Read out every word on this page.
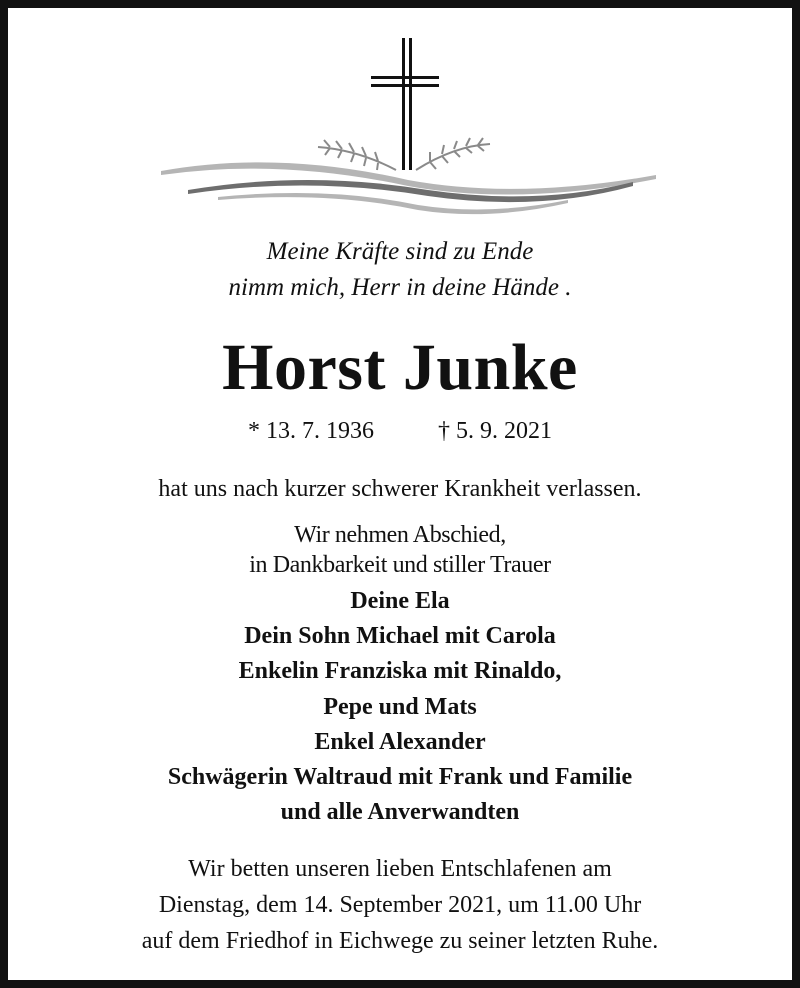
Meine Kräfte sind zu Ende
nimm mich, Herr in deine Hände .
Horst Junke
* 13. 7. 1936	† 5. 9. 2021
hat uns nach kurzer schwerer Krankheit verlassen.
Wir nehmen Abschied,
in Dankbarkeit und stiller Trauer
Deine Ela
Dein Sohn Michael mit Carola
Enkelin Franziska mit Rinaldo,
Pepe und Mats
Enkel Alexander
Schwägerin Waltraud mit Frank und Familie
und alle Anverwandten
Wir betten unseren lieben Entschlafenen am
Dienstag, dem 14. September 2021, um 11.00 Uhr
auf dem Friedhof in Eichwege zu seiner letzten Ruhe.
